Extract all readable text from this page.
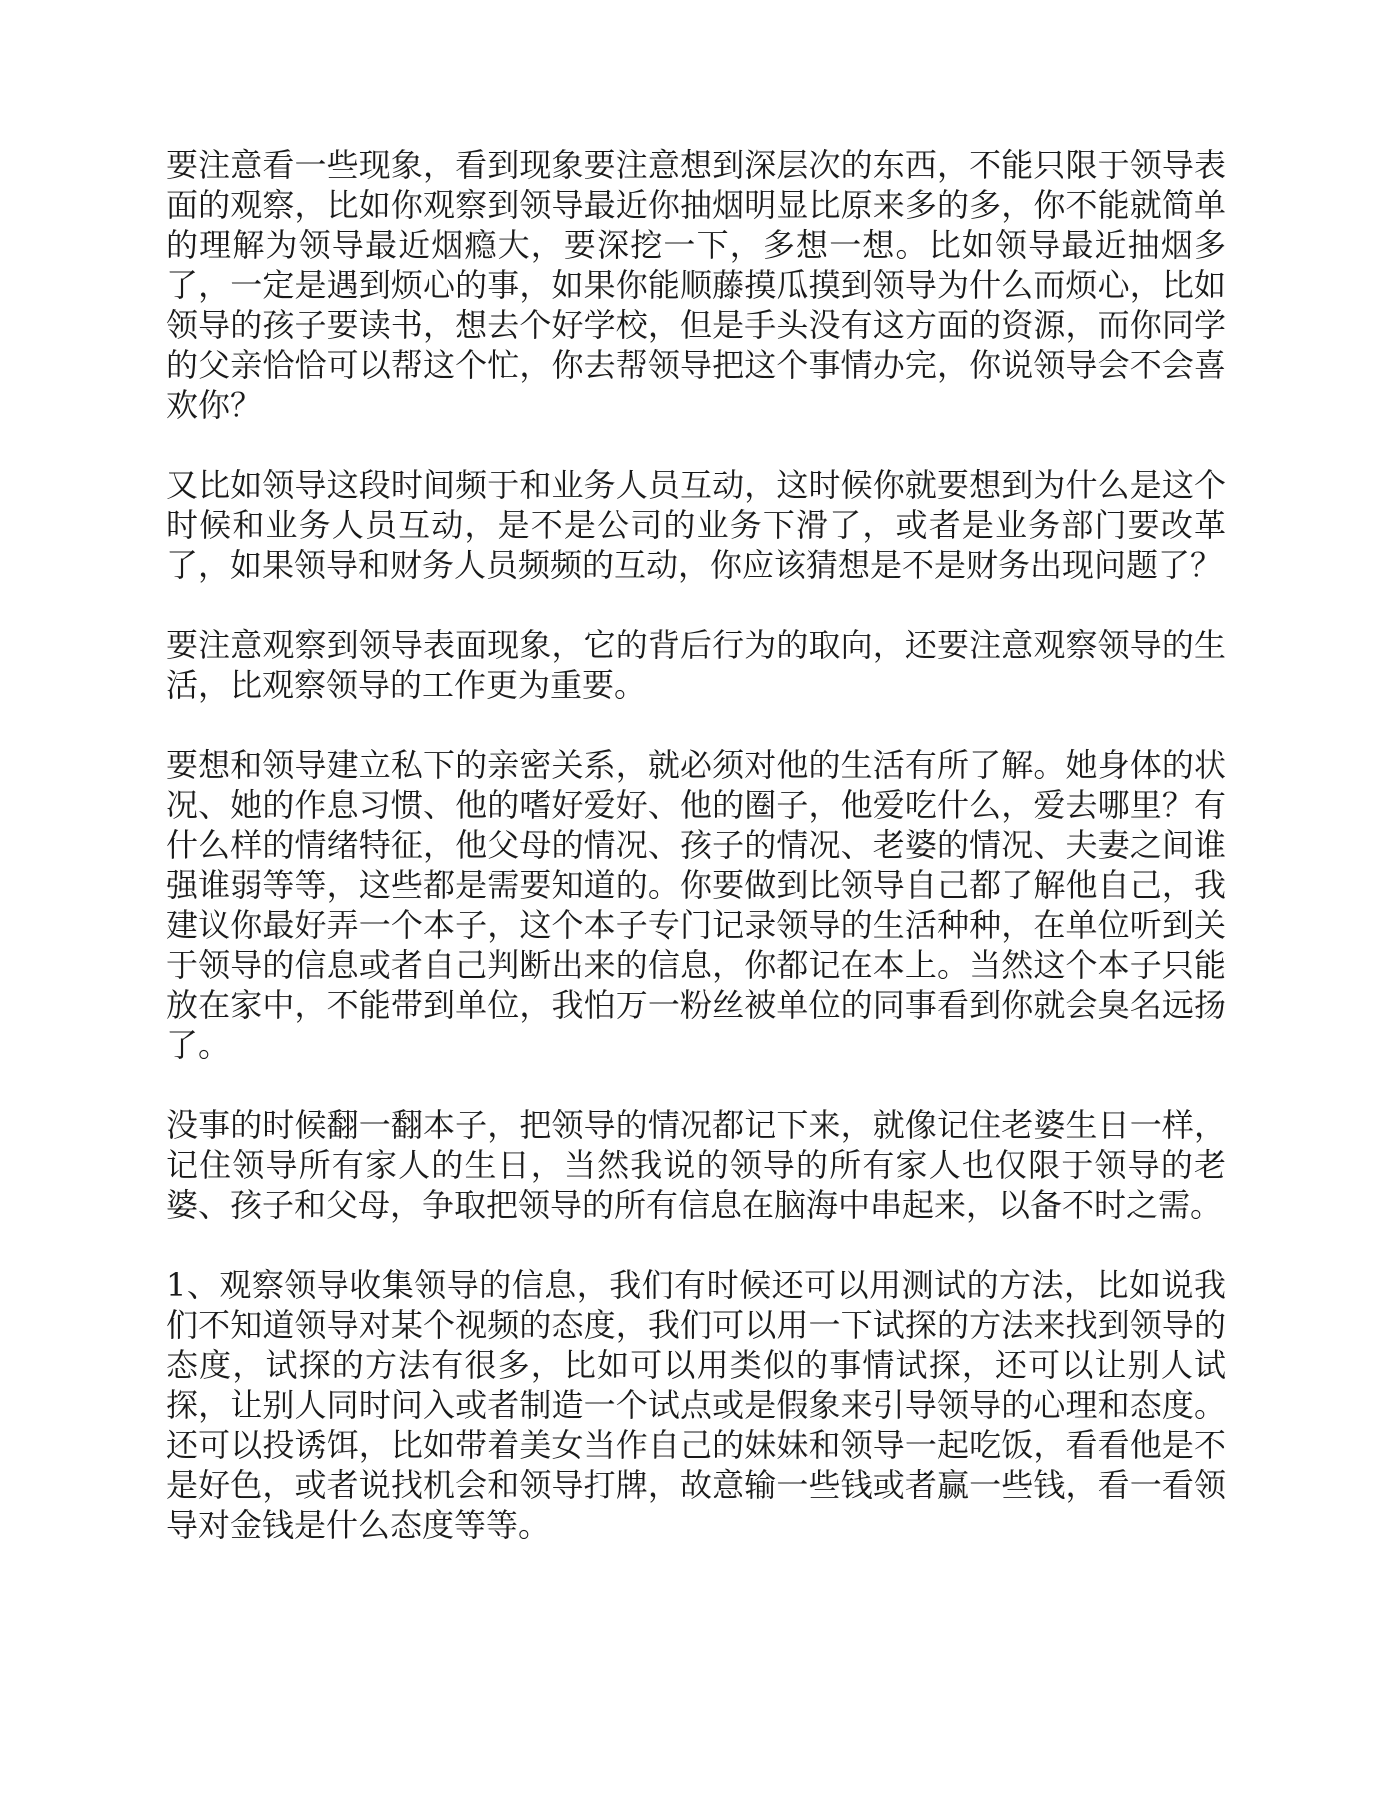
要注意看一些现象，看到现象要注意想到深层次的东西，不能只限于领导表面的观察，比如你观察到领导最近你抽烟明显比原来多的多，你不能就简单的理解为领导最近烟瘾大，要深挖一下，多想一想。比如领导最近抽烟多了，一定是遇到烦心的事，如果你能顺藤摸瓜摸到领导为什么而烦心，比如领导的孩子要读书，想去个好学校，但是手头没有这方面的资源，而你同学的父亲恰恰可以帮这个忙，你去帮领导把这个事情办完，你说领导会不会喜欢你？

又比如领导这段时间频于和业务人员互动，这时候你就要想到为什么是这个时候和业务人员互动，是不是公司的业务下滑了，或者是业务部门要改革了，如果领导和财务人员频频的互动，你应该猜想是不是财务出现问题了？

要注意观察到领导表面现象，它的背后行为的取向，还要注意观察领导的生活，比观察领导的工作更为重要。

要想和领导建立私下的亲密关系，就必须对他的生活有所了解。她身体的状况、她的作息习惯、他的嗜好爱好、他的圈子，他爱吃什么，爱去哪里？有什么样的情绪特征，他父母的情况、孩子的情况、老婆的情况、夫妻之间谁强谁弱等等，这些都是需要知道的。你要做到比领导自己都了解他自己，我建议你最好弄一个本子，这个本子专门记录领导的生活种种，在单位听到关于领导的信息或者自己判断出来的信息，你都记在本上。当然这个本子只能放在家中，不能带到单位，我怕万一粉丝被单位的同事看到你就会臭名远扬了。

没事的时候翻一翻本子，把领导的情况都记下来，就像记住老婆生日一样，记住领导所有家人的生日，当然我说的领导的所有家人也仅限于领导的老婆、孩子和父母，争取把领导的所有信息在脑海中串起来，以备不时之需。

1、观察领导收集领导的信息，我们有时候还可以用测试的方法，比如说我们不知道领导对某个视频的态度，我们可以用一下试探的方法来找到领导的态度，试探的方法有很多，比如可以用类似的事情试探，还可以让别人试探，让别人同时问入或者制造一个试点或是假象来引导领导的心理和态度。还可以投诱饵，比如带着美女当作自己的妹妹和领导一起吃饭，看看他是不是好色，或者说找机会和领导打牌，故意输一些钱或者赢一些钱，看一看领导对金钱是什么态度等等。
